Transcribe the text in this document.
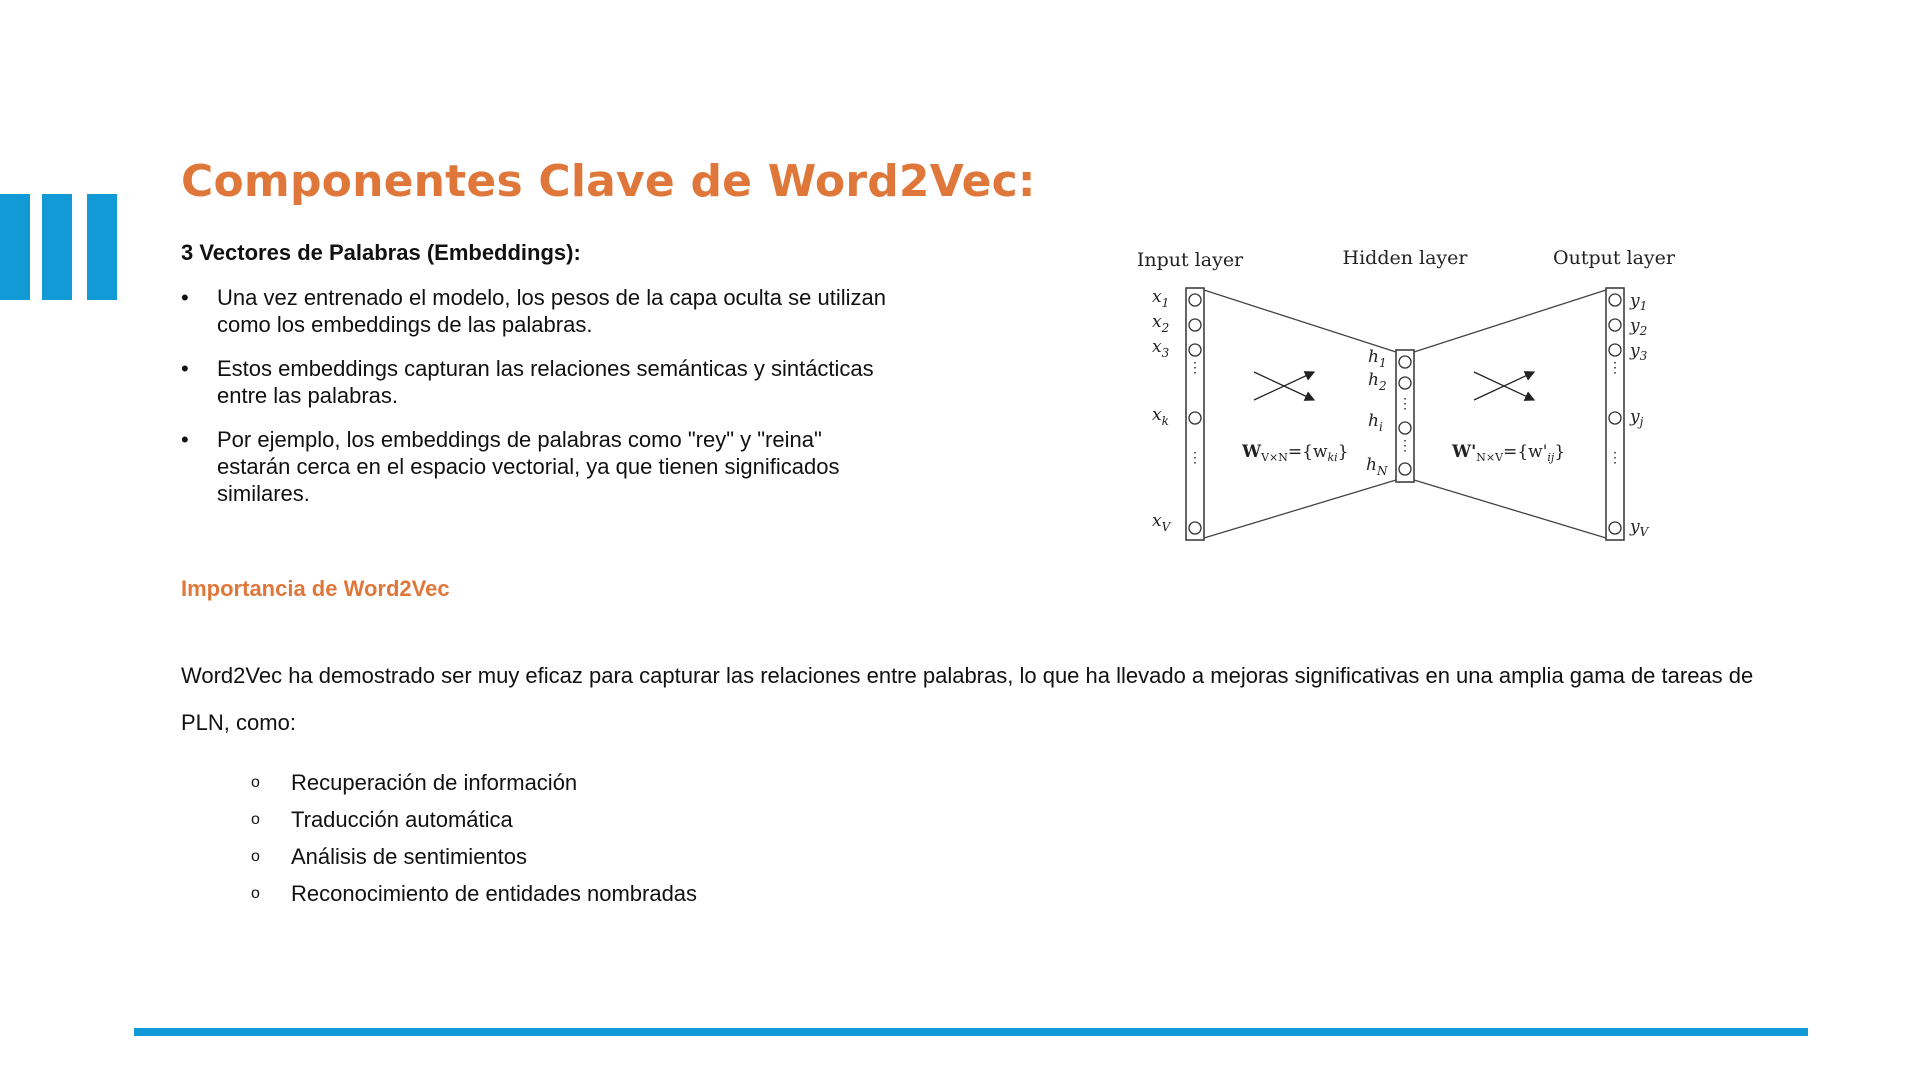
Componentes Clave de Word2Vec:
3 Vectores de Palabras (Embeddings):
• Una vez entrenado el modelo, los pesos de la capa oculta se utilizan como los embeddings de las palabras.
• Estos embeddings capturan las relaciones semánticas y sintácticas entre las palabras.
• Por ejemplo, los embeddings de palabras como "rey" y "reina" estarán cerca en el espacio vectorial, ya que tienen significados similares.
Importancia de Word2Vec

Word2Vec ha demostrado ser muy eficaz para capturar las relaciones entre palabras, lo que ha llevado a mejoras significativas en una amplia gama de tareas de PLN, como:

o Recuperación de información
o Traducción automática
o Análisis de sentimientos
o Reconocimiento de entidades nombradas
Input layer	Hidden layer	Output layer
⋮
⋮
$x_1$
$x_2$
$x_3$
$x_k$
$x_V$
⋮
⋮
$h_1$
$h_2$
$h_i$
$h_N$
⋮
⋮
$y_1$
$y_2$
$y_3$
$y_j$
$y_V$
$W_{V\times N}=\{w_{ki}\}$	$W'_{N\times V}=\{w'_{ij}\}$
